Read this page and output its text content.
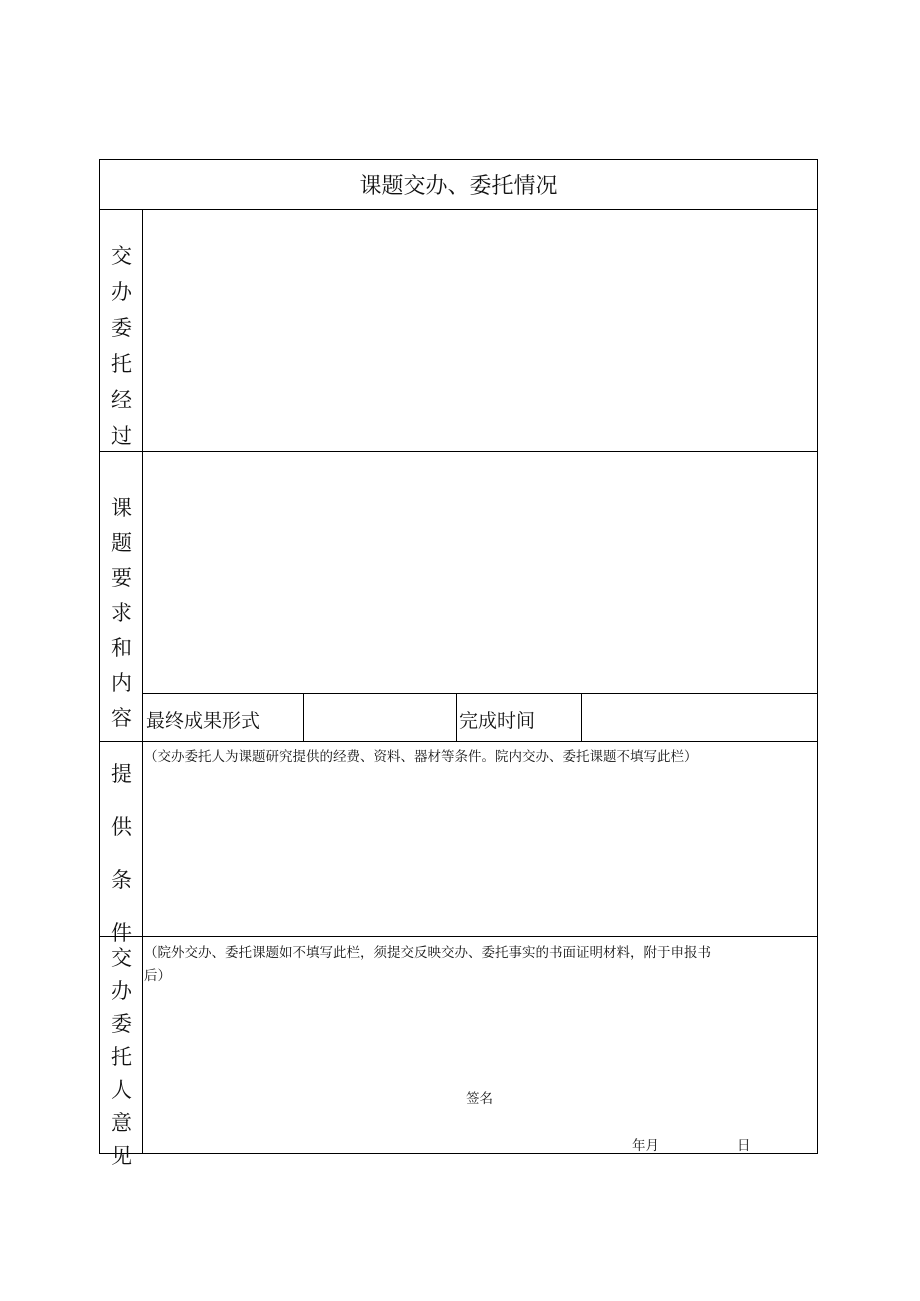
课题交办、委托情况
交
办
委
托
经
过
课
题
要
求
和
内
容 最终成果形式	完成时间
提
供
条
件
（交办委托人为课题研究提供的经费、资料、器材等条件。院内交办、委托课题不填写此栏）
交
办
委
托
人
意
见
（院外交办、委托课题如不填写此栏，须提交反映交办、委托事实的书面证明材料，附于申报书
后）
签名
年月	日
